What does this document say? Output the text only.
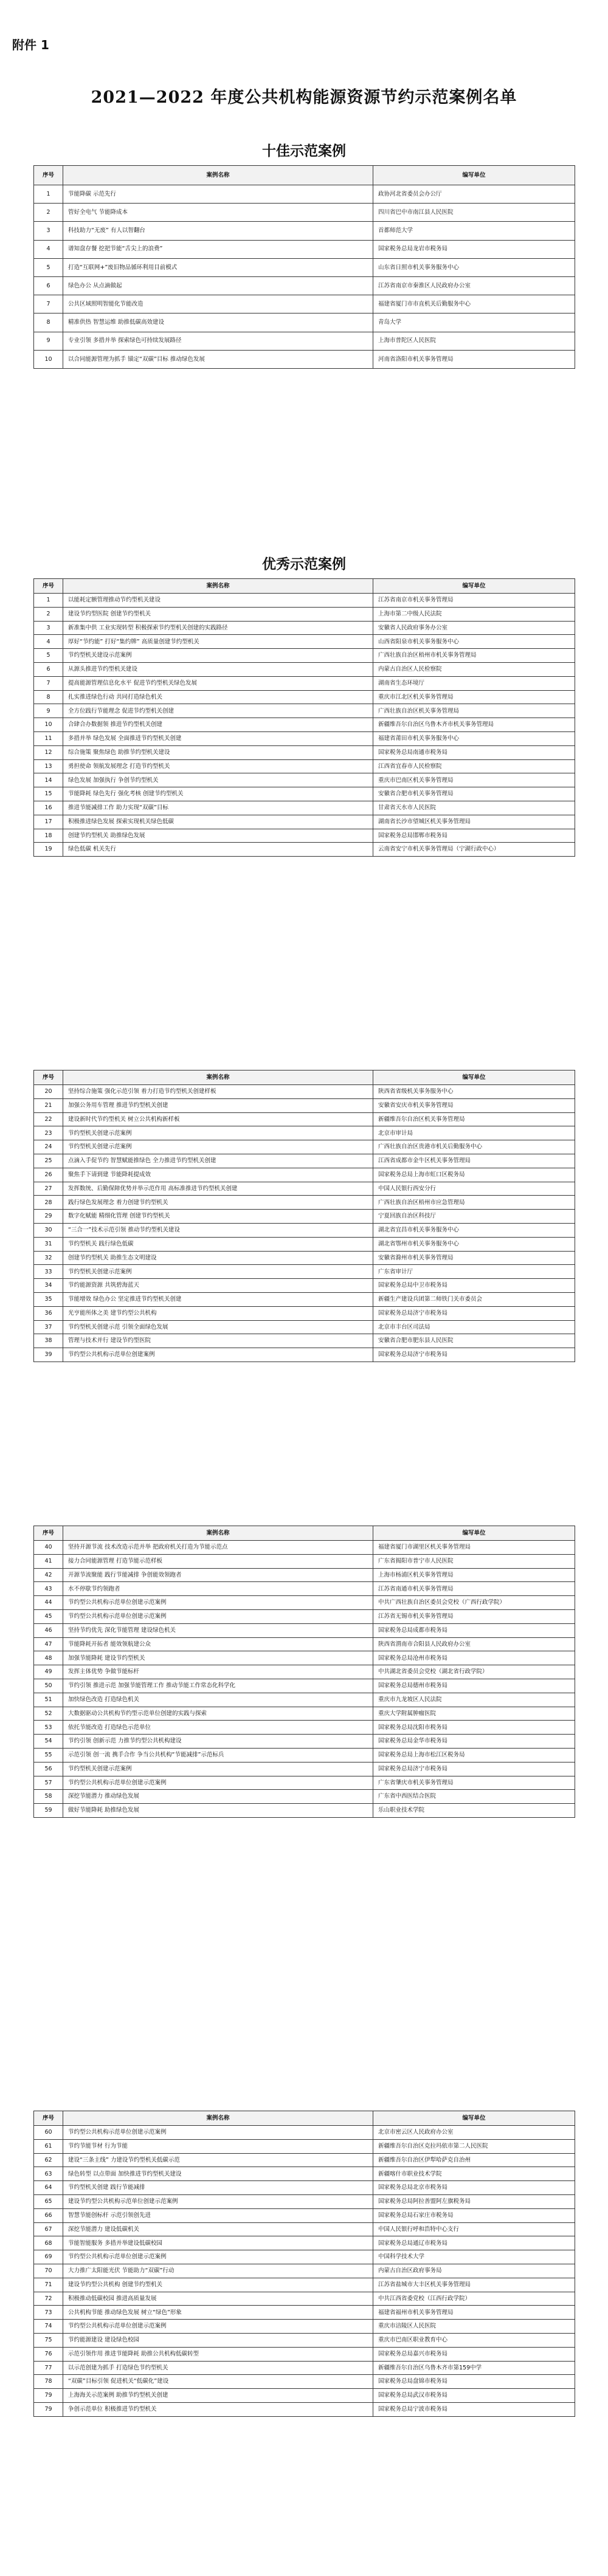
附件 1
2021—2022 年度公共机构能源资源节约示范案例名单
十佳示范案例
序号	案例名称	编写单位
1	节能降碳 示范先行	政协河北省委员会办公厅
2	管好全电气 节能降成本	四川省巴中市南江县人民医院
3	科技助力“无废” 有人以智翻台	首都师范大学
4	谱知盘存餐 挖把节能“舌尖上的浪费”	国家税务总局龙岩市税务局
5	打造“互联网+”废旧物品循环利用目前模式	山东省日照市机关事务服务中心
6	绿色办公 从点滴做起	江苏省南京市秦淮区人民政府办公室
7	公共区域照明智能化节能改造	福建省厦门市市直机关后勤服务中心
8	精准供热 智慧运维 助推低碳高效建设	青岛大学
9	专业引领 多措并举 探索绿色可持续发展路径	上海市普陀区人民医院
10	以合同能源管理为抓手 锚定“双碳”目标 推动绿色发展	河南省洛阳市机关事务管理局
优秀示范案例
序号	案例名称	编写单位
1	以能耗定额管理推动节约型机关建设	江苏省南京市机关事务管理局
2	建设节约型医院 创建节约型机关	上海市第二中级人民法院
3	新准集中供 工业实现转型 积极探索节约型机关创建的实践路径	安徽省人民政府事务办公室
4	厚好“节约能” 打好“集约牌” 高质量创建节约型机关	山西省阳泉市机关事务服务中心
5	节约型机关建设示范案例	广西壮族自治区梧州市机关事务管理局
6	从源头推进节约型机关建设	内蒙古自治区人民检察院
7	提高能源管理信息化水平 促进节约型机关绿色发展	湖南省生态环境厅
8	扎实推进绿色行动 共同打造绿色机关	重庆市江北区机关事务管理局
9	全方位践行节能理念 促进节约型机关创建	广西壮族自治区机关事务管理局
10	合肆合办数据领 推进节约型机关创建	新疆维吾尔自治区乌鲁木齐市机关事务管理局
11	多措并举 绿色发展 全面推进节约型机关创建	福建省莆田市机关事务服务中心
12	综合施策 聚焦绿色 助推节约型机关建设	国家税务总局南通市税务局
13	勇担使命 领航发展理念 打造节约型机关	江西省宜春市人民检察院
14	绿色发展 加强执行 争创节约型机关	重庆市巴南区机关事务管理局
15	节能降耗 绿色先行 强化考核 创建节约型机关	安徽省合肥市机关事务管理局
16	推进节能减排工作 助力实现“双碳”目标	甘肃省天水市人民医院
17	积极推进绿色发展 探索实现机关绿色低碳	湖南省长沙市望城区机关事务管理局
18	创建节约型机关 助推绿色发展	国家税务总局邯郸市税务局
19	绿色低碳 机关先行	云南省安宁市机关事务管理局（宁湖行政中心）
序号	案例名称	编写单位
20	坚持综合施策 强化示范引领 着力打造节约型机关创建样板	陕西省省级机关事务服务中心
21	加强公务用车管理 推进节约型机关创建	安徽省安庆市机关事务管理局
22	建设新时代节约型机关 树立公共机构新样板	新疆维吾尔自治区机关事务管理局
23	节约型机关创建示范案例	北京市审计局
24	节约型机关创建示范案例	广西壮族自治区贵港市机关后勤服务中心
25	点滴入手促节约 智慧赋能推绿色 全力推进节约型机关创建	江西省成都市金牛区机关事务管理局
26	聚焦手下请到建 节能降耗提成效	国家税务总局上海市虹口区税务局
27	发挥数统、后勤保障优势并举示范作用 高标准推进节约型机关创建	中国人民银行西安分行
28	践行绿色发展理念 着力创建节约型机关	广西壮族自治区梧州市应急管理局
29	数字化赋能 精细化管理 创建节约型机关	宁夏回族自治区科技厅
30	“三合一”技术示范引领 推动节约型机关建设	湖北省宜昌市机关事务服务中心
31	节约型机关 践行绿色低碳	湖北省鄂州市机关事务服务中心
32	创建节约型机关 助推生态文明建设	安徽省滁州市机关事务管理局
33	节约型机关创建示范案例	广东省审计厅
34	节约能源资源 共筑碧海蓝天	国家税务总局中卫市税务局
35	节能增效 绿色办公 坚定推进节约型机关创建	新疆生产建设兵团第二师铁门关市委员会
36	光亨能所体之美 建节约型公共机构	国家税务总局济宁市税务局
37	节约型机关创建示范 引领全面绿色发展	北京市丰台区司法局
38	管理与技术并行 建设节约型医院	安徽省合肥市肥东县人民医院
39	节约型公共机构示范单位创建案例	国家税务总局济宁市税务局
序号	案例名称	编写单位
40	坚持开源节流 技术改造示范并举 把政府机关打造为节能示范点	福建省厦门市湖里区机关事务管理局
41	接力合同能源管理 打造节能示范样板	广东省揭阳市普宁市人民医院
42	开源节流聚能 践行节能减排 争创能效领跑者	上海市杨浦区机关事务管理局
43	水不停歇节约领跑者	江苏省南通市机关事务管理局
44	节约型公共机构示范单位创建示范案例	中共广西壮族自治区委员会党校（广西行政学院）
45	节约型公共机构示范单位创建示范案例	江苏省无锡市机关事务管理局
46	坚持节约优先 深化节能管理 建设绿色机关	国家税务总局成都市税务局
47	节能降耗开拓者 能效领航建公众	陕西省渭南市合阳县人民政府办公室
48	加强节能降耗 建设节约型机关	国家税务总局沧州市税务局
49	发挥主体优势 争做节能标杆	中共湖北省委员会党校（湖北省行政学院）
50	节约引领 推进示范 加强节能管理工作 推动节能工作常态化科学化	国家税务总局德州市税务局
51	加快绿色改造 打造绿色机关	重庆市九龙坡区人民法院
52	大数据驱动公共机构节约型示范单位创建的实践与探索	重庆大学附属肿瘤医院
53	依托节能改造 打造绿色示范单位	国家税务总局沈阳市税务局
54	节约引领 创新示范 力推节约型公共机构建设	国家税务总局金华市税务局
55	示范引领 创一流 携手合作 争当公共机构“节能减排”示范标兵	国家税务总局上海市松江区税务局
56	节约型机关创建示范案例	国家税务总局济宁市税务局
57	节约型公共机构示范单位创建示范案例	广东省肇庆市机关事务管理局
58	深挖节能潜力 推动绿色发展	广东省中西医结合医院
59	做好节能降耗 助推绿色发展	乐山职业技术学院
序号	案例名称	编写单位
60	节约型公共机构示范单位创建示范案例	北京市密云区人民政府办公室
61	节约节能节材 行为节能	新疆维吾尔自治区克拉玛依市第二人民医院
62	建设“三条主线” 力建设节约型机关低碳示范	新疆维吾尔自治区伊犁哈萨克自治州
63	绿色转型 以点带面 加快推进节约型机关建设	新疆喀什市职业技术学院
64	节约型机关创建 践行节能减排	国家税务总局北京市税务局
65	建设节约型公共机构示范单位创建示范案例	国家税务总局阿拉善盟阿左旗税务局
66	智慧节能创标杆 示范引领创先进	国家税务总局石家庄市税务局
67	深挖节能潜力 建设低碳机关	中国人民银行呼和浩特中心支行
68	节能智能服务 多措并举建设低碳校园	国家税务总局通辽市税务局
69	节约型公共机构示范单位创建示范案例	中国科学技术大学
70	大力推广太阳能光伏 节能助力“双碳”行动	内蒙古自治区政府事务局
71	建设节约型公共机构 创建节约型机关	江苏省盐城市大丰区机关事务管理局
72	积极推动低碳校园 推进高质量发展	中共江西省委党校（江西行政学院）
73	公共机构节能 推动绿色发展 树立“绿色”形象	福建省福州市机关事务管理局
74	节约型公共机构示范单位创建示范案例	重庆市涪陵区人民医院
75	节约能源建设 建设绿色校园	重庆市巴南区职业教育中心
76	示范引领作用 推进节能降耗 助推公共机构低碳转型	国家税务总局嘉兴市税务局
77	以示范创建为抓手 打造绿色节约型机关	新疆维吾尔自治区乌鲁木齐市第159中学
78	“双碳”目标引领 促进机关“低碳化”建设	国家税务总局盘锦市税务局
79	上海海关示范案例 助推节约型机关创建	国家税务总局武汉市税务局
79	争创示范单位 积极推进节约型机关	国家税务总局宁波市税务局
